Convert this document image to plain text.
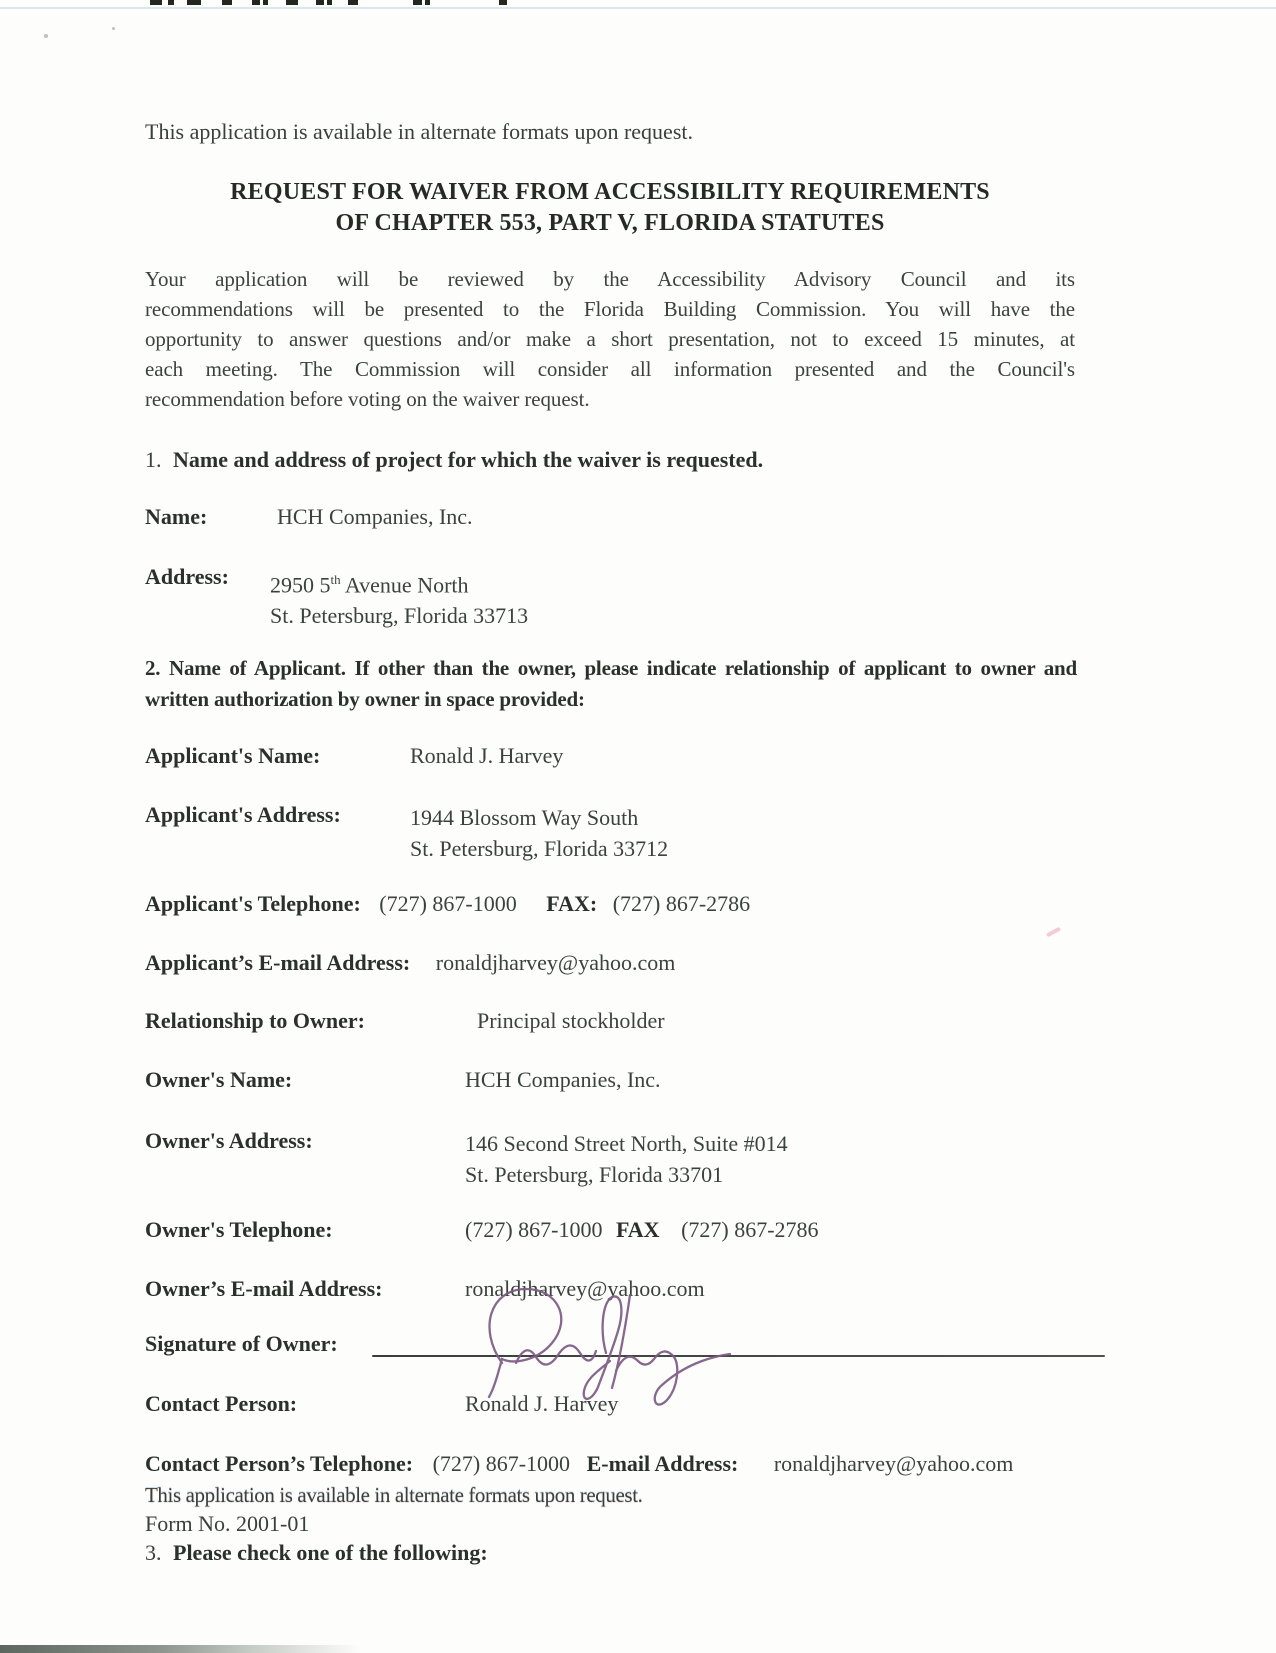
This application is available in alternate formats upon request.
REQUEST FOR WAIVER FROM ACCESSIBILITY REQUIREMENTS
OF CHAPTER 553, PART V, FLORIDA STATUTES
Your application will be reviewed by the Accessibility Advisory Council and its
recommendations will be presented to the Florida Building Commission. You will have the
opportunity to answer questions and/or make a short presentation, not to exceed 15 minutes, at
each meeting. The Commission will consider all information presented and the Council's
recommendation before voting on the waiver request.
1. Name and address of project for which the waiver is requested.
Name:	HCH Companies, Inc.
Address: 2950 5th Avenue North
St. Petersburg, Florida 33713
2. Name of Applicant. If other than the owner, please indicate relationship of applicant to owner and written authorization by owner in space provided:
Applicant's Name:	Ronald J. Harvey
Applicant's Address:	1944 Blossom Way South
St. Petersburg, Florida 33712
Applicant's Telephone: (727) 867-1000 FAX: (727) 867-2786
Applicant’s E-mail Address: ronaldjharvey@yahoo.com
Relationship to Owner:	Principal stockholder
Owner's Name:	HCH Companies, Inc.
Owner's Address:	146 Second Street North, Suite #014
St. Petersburg, Florida 33701
Owner's Telephone:	(727) 867-1000 FAX (727) 867-2786
Owner’s E-mail Address:	ronaldjharvey@yahoo.com
Signature of Owner:
Contact Person:	Ronald J. Harvey
Contact Person’s Telephone: (727) 867-1000 E-mail Address: ronaldjharvey@yahoo.com
This application is available in alternate formats upon request.
Form No. 2001-01
3. Please check one of the following:
